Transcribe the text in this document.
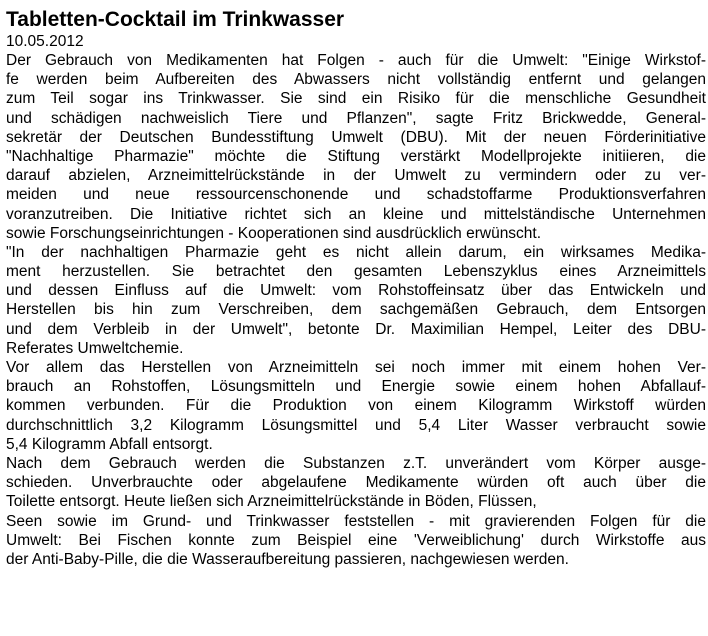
Tabletten-Cocktail im Trinkwasser
10.05.2012
Der Gebrauch von Medikamenten hat Folgen - auch für die Umwelt: "Einige Wirkstof-
fe werden beim Aufbereiten des Abwassers nicht vollständig entfernt und gelangen
zum Teil sogar ins Trinkwasser. Sie sind ein Risiko für die menschliche Gesundheit
und schädigen nachweislich Tiere und Pflanzen", sagte Fritz Brickwedde, General-
sekretär der Deutschen Bundesstiftung Umwelt (DBU). Mit der neuen Förderinitiative
"Nachhaltige Pharmazie" möchte die Stiftung verstärkt Modellprojekte initiieren, die
darauf abzielen, Arzneimittelrückstände in der Umwelt zu vermindern oder zu ver-
meiden und neue ressourcenschonende und schadstoffarme Produktionsverfahren
voranzutreiben. Die Initiative richtet sich an kleine und mittelständische Unternehmen
sowie Forschungseinrichtungen - Kooperationen sind ausdrücklich erwünscht.
"In der nachhaltigen Pharmazie geht es nicht allein darum, ein wirksames Medika-
ment herzustellen. Sie betrachtet den gesamten Lebenszyklus eines Arzneimittels
und dessen Einfluss auf die Umwelt: vom Rohstoffeinsatz über das Entwickeln und
Herstellen bis hin zum Verschreiben, dem sachgemäßen Gebrauch, dem Entsorgen
und dem Verbleib in der Umwelt", betonte Dr. Maximilian Hempel, Leiter des DBU-
Referates Umweltchemie.
Vor allem das Herstellen von Arzneimitteln sei noch immer mit einem hohen Ver-
brauch an Rohstoffen, Lösungsmitteln und Energie sowie einem hohen Abfallauf-
kommen verbunden. Für die Produktion von einem Kilogramm Wirkstoff würden
durchschnittlich 3,2 Kilogramm Lösungsmittel und 5,4 Liter Wasser verbraucht sowie
5,4 Kilogramm Abfall entsorgt.
Nach dem Gebrauch werden die Substanzen z.T. unverändert vom Körper ausge-
schieden. Unverbrauchte oder abgelaufene Medikamente würden oft auch über die
Toilette entsorgt. Heute ließen sich Arzneimittelrückstände in Böden, Flüssen,
Seen sowie im Grund- und Trinkwasser feststellen - mit gravierenden Folgen für die
Umwelt: Bei Fischen konnte zum Beispiel eine 'Verweiblichung' durch Wirkstoffe aus
der Anti-Baby-Pille, die die Wasseraufbereitung passieren, nachgewiesen werden.
